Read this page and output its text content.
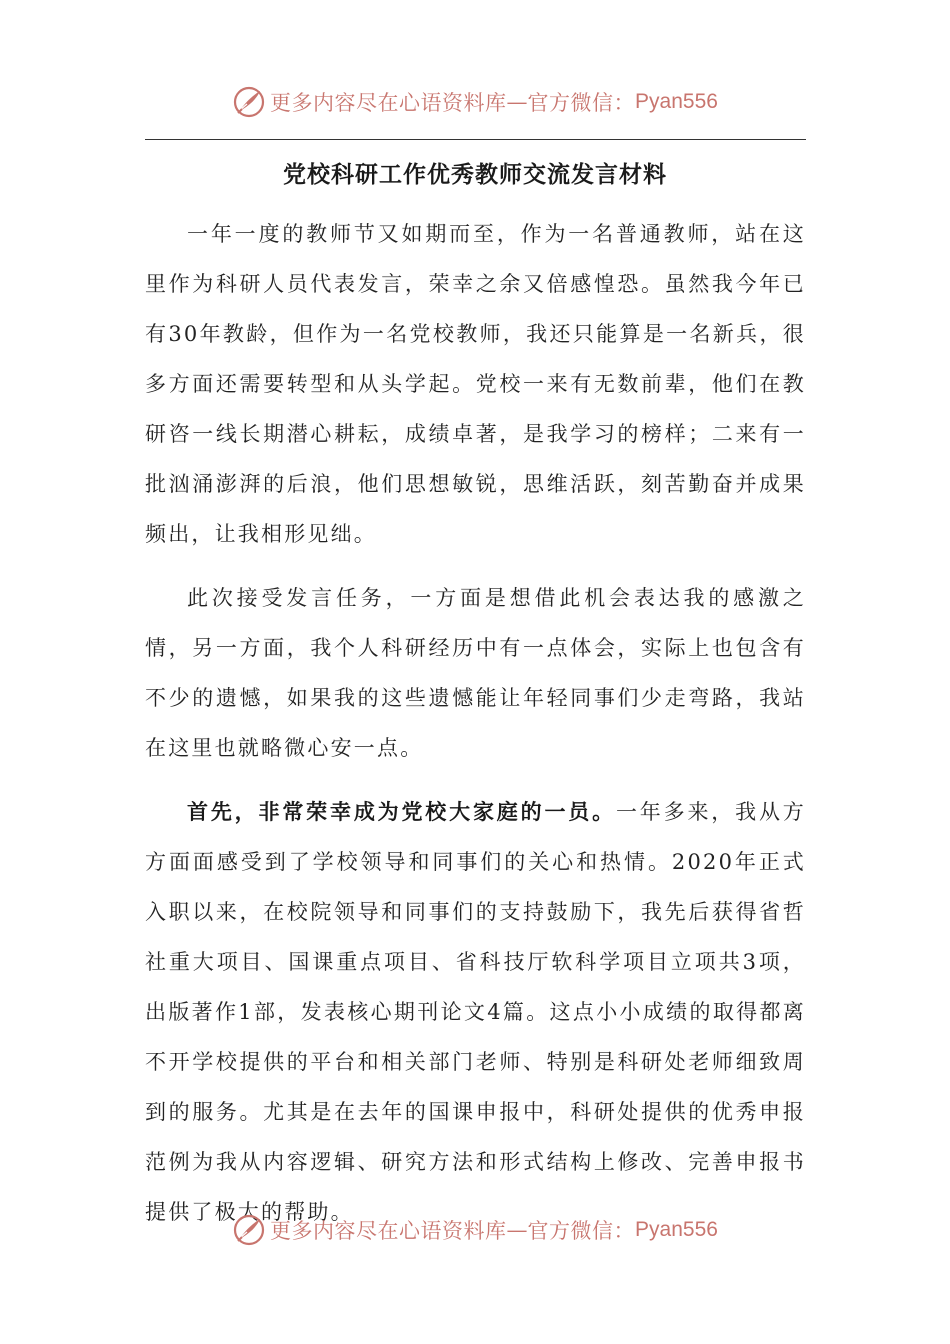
更多内容尽在心语资料库 — 官方微信： Pyan556
党校科研工作优秀教师交流发言材料

一年一度的教师节又如期而至，作为一名普通教师，站在这里作为科研人员代表发言，荣幸之余又倍感惶恐。虽然我今年已有30年教龄，但作为一名党校教师，我还只能算是一名新兵，很多方面还需要转型和从头学起。党校一来有无数前辈，他们在教研咨一线长期潜心耕耘，成绩卓著，是我学习的榜样；二来有一批汹涌澎湃的后浪，他们思想敏锐，思维活跃，刻苦勤奋并成果频出，让我相形见绌。

此次接受发言任务，一方面是想借此机会表达我的感激之情，另一方面，我个人科研经历中有一点体会，实际上也包含有不少的遗憾，如果我的这些遗憾能让年轻同事们少走弯路，我站在这里也就略微心安一点。

首先，非常荣幸成为党校大家庭的一员。一年多来，我从方方面面感受到了学校领导和同事们的关心和热情。2020年正式入职以来，在校院领导和同事们的支持鼓励下，我先后获得省哲社重大项目、国课重点项目、省科技厅软科学项目立项共3项，出版著作1部，发表核心期刊论文4篇。这点小小成绩的取得都离不开学校提供的平台和相关部门老师、特别是科研处老师细致周到的服务。尤其是在去年的国课申报中，科研处提供的优秀申报范例为我从内容逻辑、研究方法和形式结构上修改、完善申报书提供了极大的帮助。

更多内容尽在心语资料库 — 官方微信： Pyan556
